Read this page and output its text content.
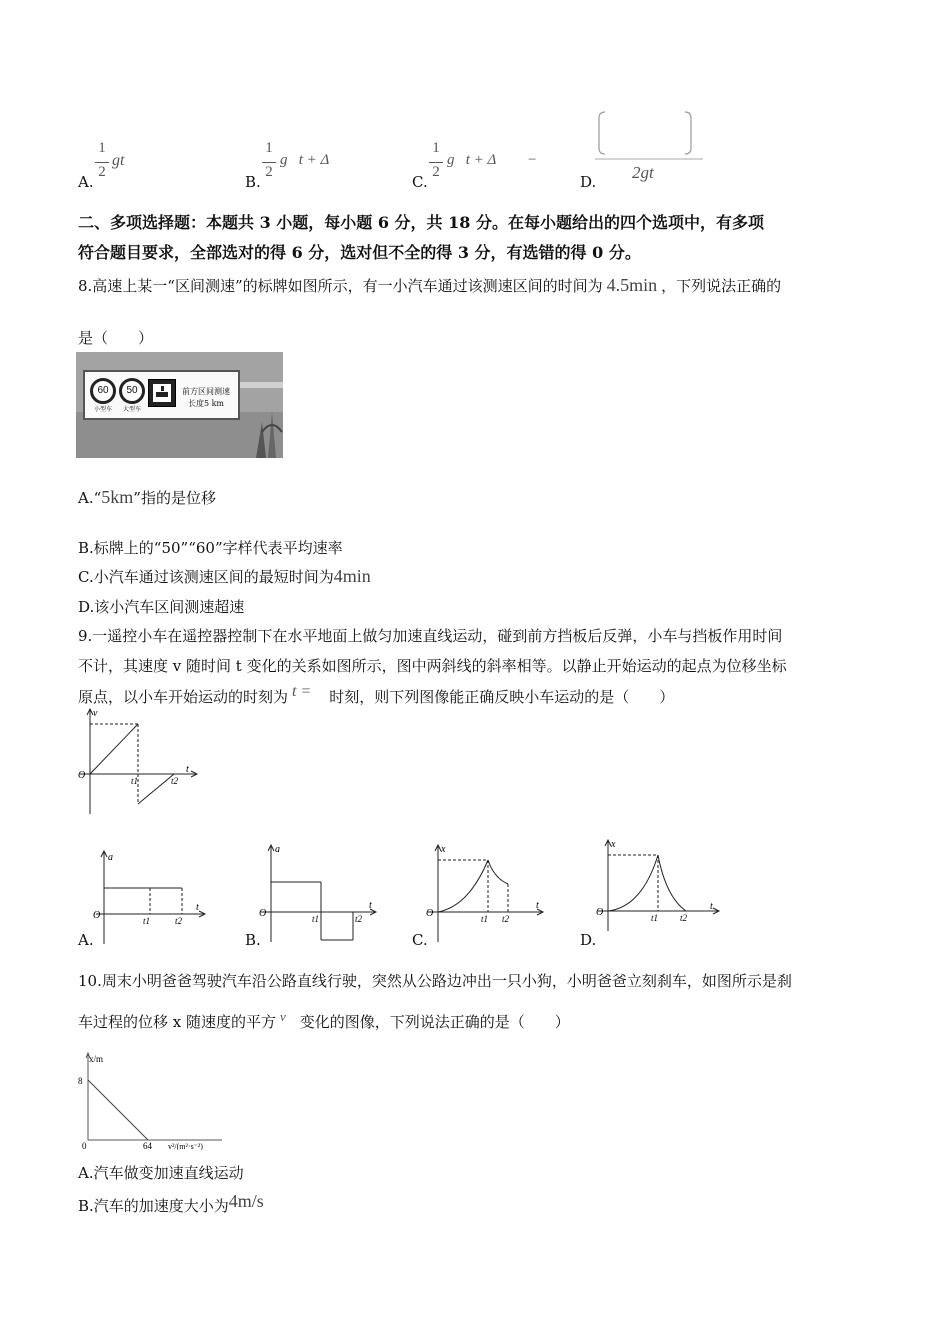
A.
1
2
gt
B.
1
2
g   t + Δ
C.
1
2
g   t + Δ −
D. 2gt
二、多项选择题：本题共 3 小题，每小题 6 分，共 18 分。在每小题给出的四个选项中，有多项
符合题目要求，全部选对的得 6 分，选对但不全的得 3 分，有选错的得 0 分。
8.高速上某一“区间测速”的标牌如图所示，有一小汽车通过该测速区间的时间为 4.5min ，下列说法正确的
是（　　）
60
小型车
50
大型车
前方区间测速
长度5 km
A.“5km”指的是位移
B.标牌上的“50”“60”字样代表平均速率
C.小汽车通过该测速区间的最短时间为4min
D.该小汽车区间测速超速
9.一遥控小车在遥控器控制下在水平地面上做匀加速直线运动，碰到前方挡板后反弹，小车与挡板作用时间
不计，其速度 v 随时间 t 变化的关系如图所示，图中两斜线的斜率相等。以静止开始运动的起点为位移坐标
原点，以小车开始运动的时刻为 t = 时刻，则下列图像能正确反映小车运动的是（　　）
v
O	t1	t2
t
a
O	t1	t2
t
A.
a
O	t1	t2
t
B.
x
O	t1 t2
t
C.
x
O	t1 t2
t
D.
10.周末小明爸爸驾驶汽车沿公路直线行驶，突然从公路边冲出一只小狗，小明爸爸立刻刹车，如图所示是刹
车过程的位移 x 随速度的平方 v 变化的图像，下列说法正确的是（　　）
x/m
8
0	64 v²/(m²·s⁻²)
A.汽车做变加速直线运动
B.汽车的加速度大小为4m/s
